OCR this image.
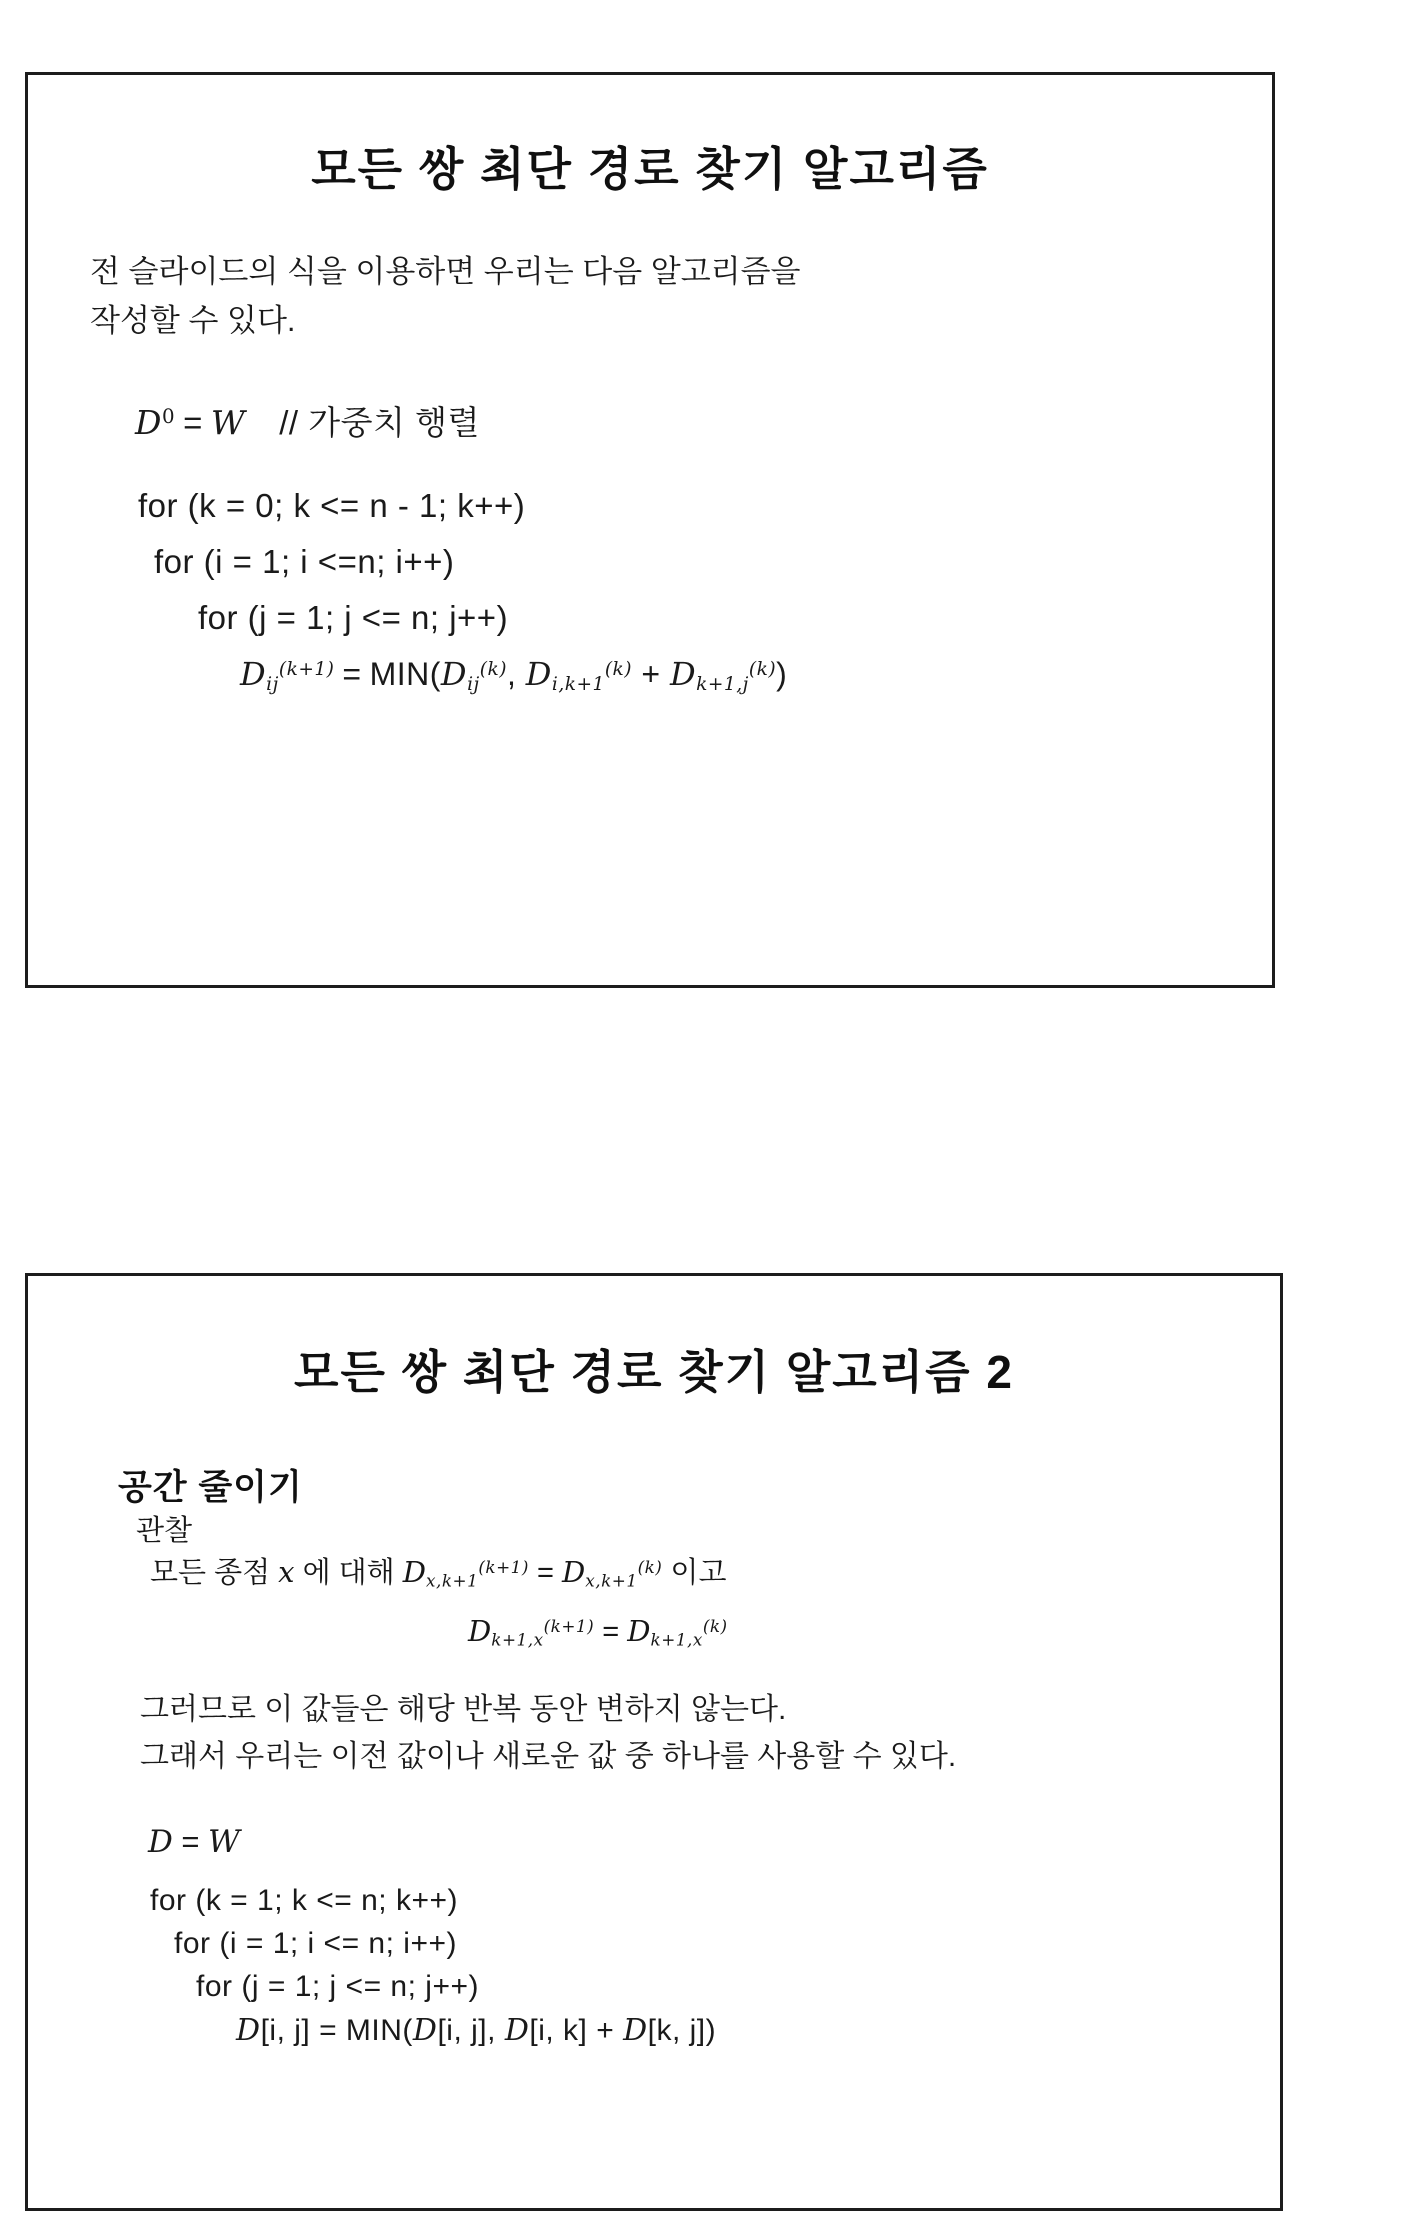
모든 쌍 최단 경로 찾기 알고리즘
전 슬라이드의 식을 이용하면 우리는 다음 알고리즘을
작성할 수 있다.
$D^0 = W$ // 가중치 행렬
for (k = 0; k <= n - 1; k++)
for (i = 1; i <=n; i++)
for (j = 1; j <= n; j++)
$D_{ij}^{(k+1)} = MIN(D_{ij}^{(k)}$, $D_{i,k+1}^{(k)} + D_{k+1,j}^{(k)}$)
모든 쌍 최단 경로 찾기 알고리즘 2
공간 줄이기
관찰
모든 종점 x 에 대해 $D_{x,k+1}^{(k+1)} = D_{x,k+1}^{(k)}$ 이고
$D_{k+1,x}^{(k+1)} = D_{k+1,x}^{(k)}$
그러므로 이 값들은 해당 반복 동안 변하지 않는다.
그래서 우리는 이전 값이나 새로운 값 중 하나를 사용할 수 있다.
D = W
for (k = 1; k <= n; k++)
for (i = 1; i <= n; i++)
for (j = 1; j <= n; j++)
D[i, j] = MIN(D[i, j], D[i, k] + D[k, j])
